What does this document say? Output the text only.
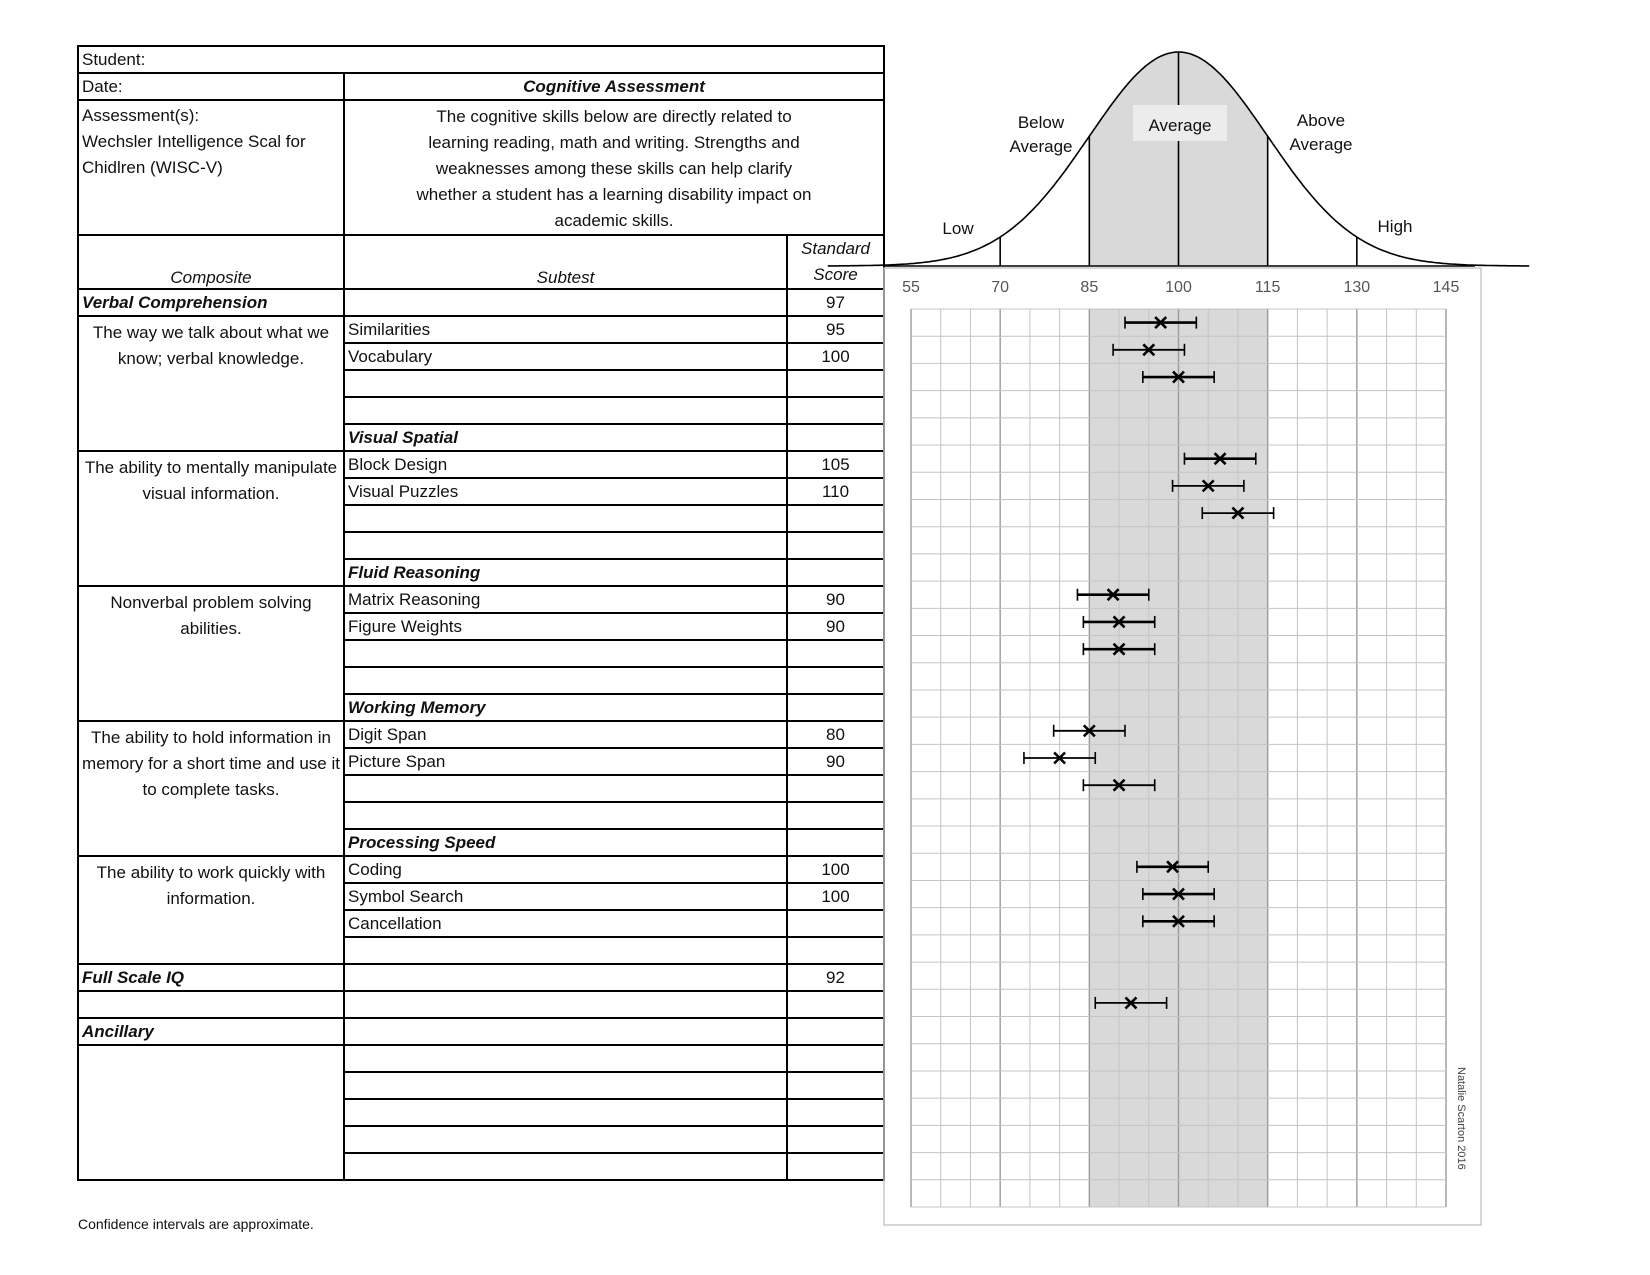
Student:			
Date:	Cognitive Assessment		

Assessment(s):
Wechsler Intelligence Scal for Chidlren (WISC-V)	The cognitive skills below are directly related to learning reading, math and writing. Strengths and weaknesses among these skills can help clarify whether a student has a learning disability impact on academic skills.		
Composite	Subtest	Standard
Score	

Verbal Comprehension		97	
The way we talk about what we know; verbal knowledge.	Similarities	95	
	Vocabulary	100	

	Visual Spatial		
The ability to mentally manipulate visual information.	Block Design	105	
	Visual Puzzles	110	

	Fluid Reasoning		
Nonverbal problem solving abilities.	Matrix Reasoning	90	
	Figure Weights	90	

	Working Memory		
The ability to hold information in memory for a short time and use it to complete tasks.	Digit Span	80	
	Picture Span	90	

	Processing Speed		
The ability to work quickly with information.	Coding	100	
	Symbol Search	100	
	Cancellation		

Full Scale IQ		92	

Ancillary			

Confidence intervals are approximate.
Low
Below
Average
Average	Above
Average
High
55	70	85	100	115	130	145
Natalie Scarton 2016
